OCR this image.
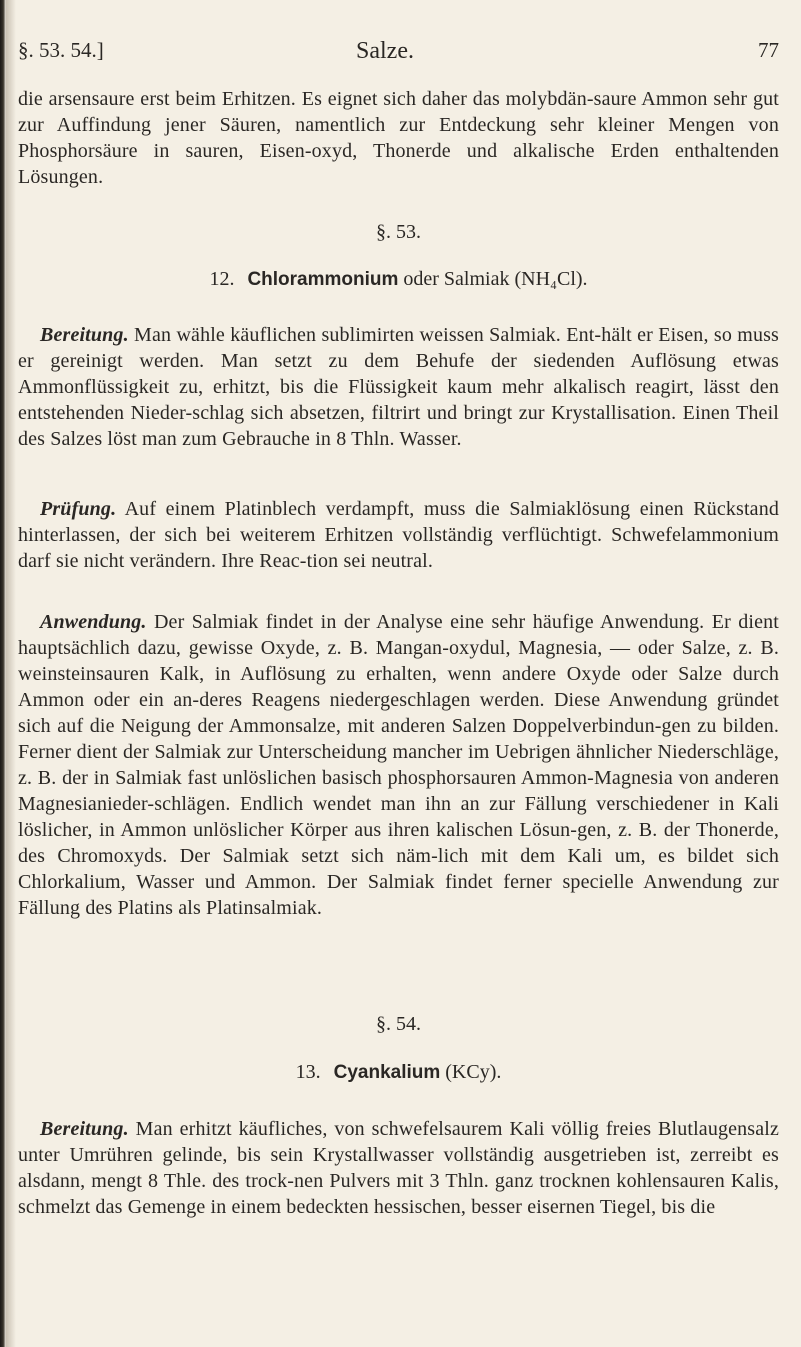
§. 53. 54.]	Salze.	77

die arsensaure erst beim Erhitzen. Es eignet sich daher das molybdän-saure Ammon sehr gut zur Auffindung jener Säuren, namentlich zur Entdeckung sehr kleiner Mengen von Phosphorsäure in sauren, Eisen-oxyd, Thonerde und alkalische Erden enthaltenden Lösungen.

§. 53.
12. Chlorammonium oder Salmiak (NH₄Cl).

Bereitung. Man wähle käuflichen sublimirten weissen Salmiak. Ent-hält er Eisen, so muss er gereinigt werden. Man setzt zu dem Behufe der siedenden Auflösung etwas Ammonflüssigkeit zu, erhitzt, bis die Flüssigkeit kaum mehr alkalisch reagirt, lässt den entstehenden Nieder-schlag sich absetzen, filtrirt und bringt zur Krystallisation. Einen Theil des Salzes löst man zum Gebrauche in 8 Thln. Wasser.

Prüfung. Auf einem Platinblech verdampft, muss die Salmiaklösung einen Rückstand hinterlassen, der sich bei weiterem Erhitzen vollständig verflüchtigt. Schwefelammonium darf sie nicht verändern. Ihre Reac-tion sei neutral.

Anwendung. Der Salmiak findet in der Analyse eine sehr häufige Anwendung. Er dient hauptsächlich dazu, gewisse Oxyde, z. B. Mangan-oxydul, Magnesia, — oder Salze, z. B. weinsteinsauren Kalk, in Auflösung zu erhalten, wenn andere Oxyde oder Salze durch Ammon oder ein an-deres Reagens niedergeschlagen werden. Diese Anwendung gründet sich auf die Neigung der Ammonsalze, mit anderen Salzen Doppelverbindun-gen zu bilden. Ferner dient der Salmiak zur Unterscheidung mancher im Uebrigen ähnlicher Niederschläge, z. B. der in Salmiak fast unlöslichen basisch phosphorsauren Ammon-Magnesia von anderen Magnesianieder-schlägen. Endlich wendet man ihn an zur Fällung verschiedener in Kali löslicher, in Ammon unlöslicher Körper aus ihren kalischen Lösun-gen, z. B. der Thonerde, des Chromoxyds. Der Salmiak setzt sich näm-lich mit dem Kali um, es bildet sich Chlorkalium, Wasser und Ammon. Der Salmiak findet ferner specielle Anwendung zur Fällung des Platins als Platinsalmiak.

§. 54.
13. Cyankalium (KCy).

Bereitung. Man erhitzt käufliches, von schwefelsaurem Kali völlig freies Blutlaugensalz unter Umrühren gelinde, bis sein Krystallwasser vollständig ausgetrieben ist, zerreibt es alsdann, mengt 8 Thle. des trock-nen Pulvers mit 3 Thln. ganz trocknen kohlensauren Kalis, schmelzt das Gemenge in einem bedeckten hessischen, besser eisernen Tiegel, bis die
